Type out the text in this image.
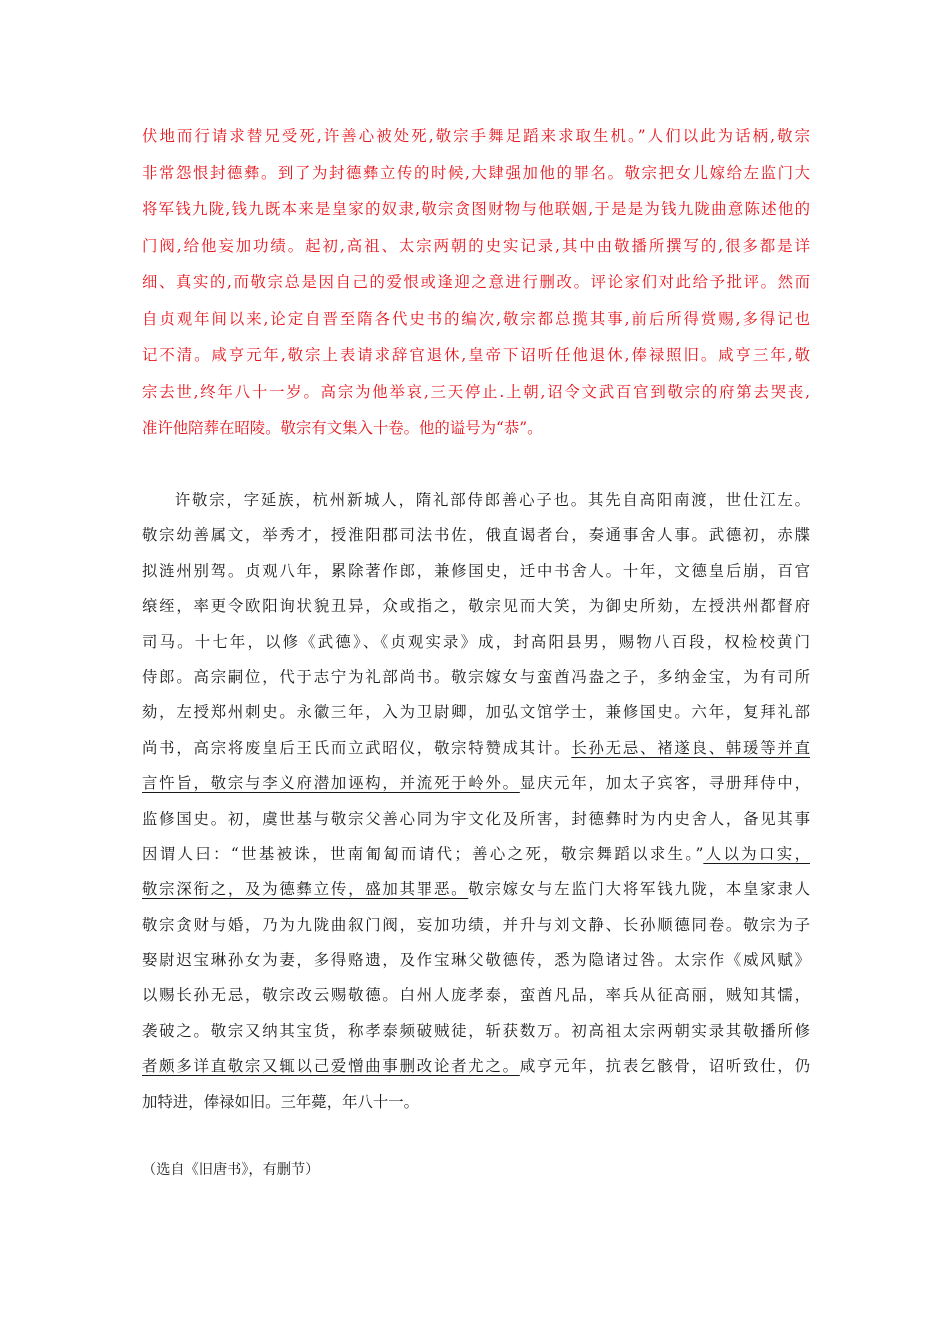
伏地而行请求替兄受死,许善心被处死,敬宗手舞足蹈来求取生机。”人们以此为话柄,敬宗
非常怨恨封德彝。到了为封德彝立传的时候,大肆强加他的罪名。敬宗把女儿嫁给左监门大
将军钱九陇,钱九既本来是皇家的奴隶,敬宗贪图财物与他联姻,于是是为钱九陇曲意陈述他的
门阀,给他妄加功绩。起初,高祖、太宗两朝的史实记录,其中由敬播所撰写的,很多都是详
细、真实的,而敬宗总是因自己的爱恨或逢迎之意进行删改。评论家们对此给予批评。然而
自贞观年间以来,论定自晋至隋各代史书的编次,敬宗都总揽其事,前后所得赏赐,多得记也
记不清。咸亨元年,敬宗上表请求辞官退休,皇帝下诏听任他退休,俸禄照旧。咸亨三年,敬
宗去世,终年八十一岁。高宗为他举哀,三天停止.上朝,诏令文武百官到敬宗的府第去哭丧,
准许他陪葬在昭陵。敬宗有文集入十卷。他的谥号为“恭”。
许敬宗，字延族，杭州新城人，隋礼部侍郎善心子也。其先自高阳南渡，世仕江左。
敬宗幼善属文，举秀才，授淮阳郡司法书佐，俄直谒者台，奏通事舍人事。武德初，赤牒
拟涟州别驾。贞观八年，累除著作郎，兼修国史，迁中书舍人。十年，文德皇后崩，百官
缞绖，率更令欧阳询状貌丑异，众或指之，敬宗见而大笑，为御史所劾，左授洪州都督府
司马。十七年，以修《武德》、《贞观实录》成，封高阳县男，赐物八百段，权检校黄门
侍郎。高宗嗣位，代于志宁为礼部尚书。敬宗嫁女与蛮酋冯盎之子，多纳金宝，为有司所
劾，左授郑州刺史。永徽三年，入为卫尉卿，加弘文馆学士，兼修国史。六年，复拜礼部
尚书，高宗将废皇后王氏而立武昭仪，敬宗特赞成其计。长孙无忌、褚遂良、韩瑗等并直
言忤旨，敬宗与李义府潜加诬构，并流死于岭外。显庆元年，加太子宾客，寻册拜侍中，
监修国史。初，虞世基与敬宗父善心同为宇文化及所害，封德彝时为内史舍人，备见其事
因谓人曰：“世基被诛，世南匍匐而请代；善心之死，敬宗舞蹈以求生。”人以为口实，
敬宗深衔之，及为德彝立传，盛加其罪恶。敬宗嫁女与左监门大将军钱九陇，本皇家隶人
敬宗贪财与婚，乃为九陇曲叙门阀，妄加功绩，并升与刘文静、长孙顺德同卷。敬宗为子
娶尉迟宝琳孙女为妻，多得赂遗，及作宝琳父敬德传，悉为隐诸过咎。太宗作《威风赋》
以赐长孙无忌，敬宗改云赐敬德。白州人庞孝泰，蛮酋凡品，率兵从征高丽，贼知其懦，
袭破之。敬宗又纳其宝货，称孝泰频破贼徒，斩获数万。初高祖太宗两朝实录其敬播所修
者颇多详直敬宗又辄以己爱憎曲事删改论者尤之。咸亨元年，抗表乞骸骨，诏听致仕，仍
加特进，俸禄如旧。三年薨，年八十一。
（选自《旧唐书》，有删节）
